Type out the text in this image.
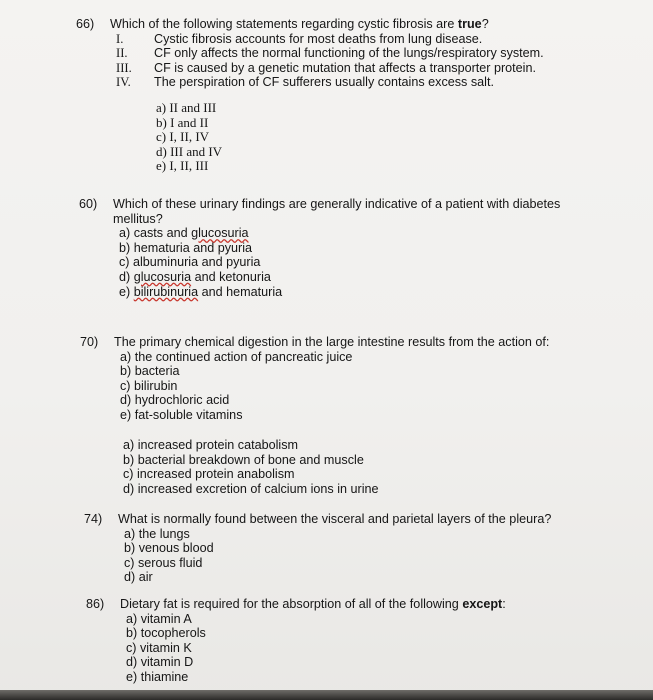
66) Which of the following statements regarding cystic fibrosis are true?
I. Cystic fibrosis accounts for most deaths from lung disease.
II. CF only affects the normal functioning of the lungs/respiratory system.
III. CF is caused by a genetic mutation that affects a transporter protein.
IV. The perspiration of CF sufferers usually contains excess salt.
a) II and III
b) I and II
c) I, II, IV
d) III and IV
e) I, II, III
60) Which of these urinary findings are generally indicative of a patient with diabetes
mellitus?
a) casts and glucosuria
b) hematuria and pyuria
c) albuminuria and pyuria
d) glucosuria and ketonuria
e) bilirubinuria and hematuria
70) The primary chemical digestion in the large intestine results from the action of:
a) the continued action of pancreatic juice
b) bacteria
c) bilirubin
d) hydrochloric acid
e) fat-soluble vitamins
a) increased protein catabolism
b) bacterial breakdown of bone and muscle
c) increased protein anabolism
d) increased excretion of calcium ions in urine
74) What is normally found between the visceral and parietal layers of the pleura?
a) the lungs
b) venous blood
c) serous fluid
d) air
86) Dietary fat is required for the absorption of all of the following except:
a) vitamin A
b) tocopherols
c) vitamin K
d) vitamin D
e) thiamine
